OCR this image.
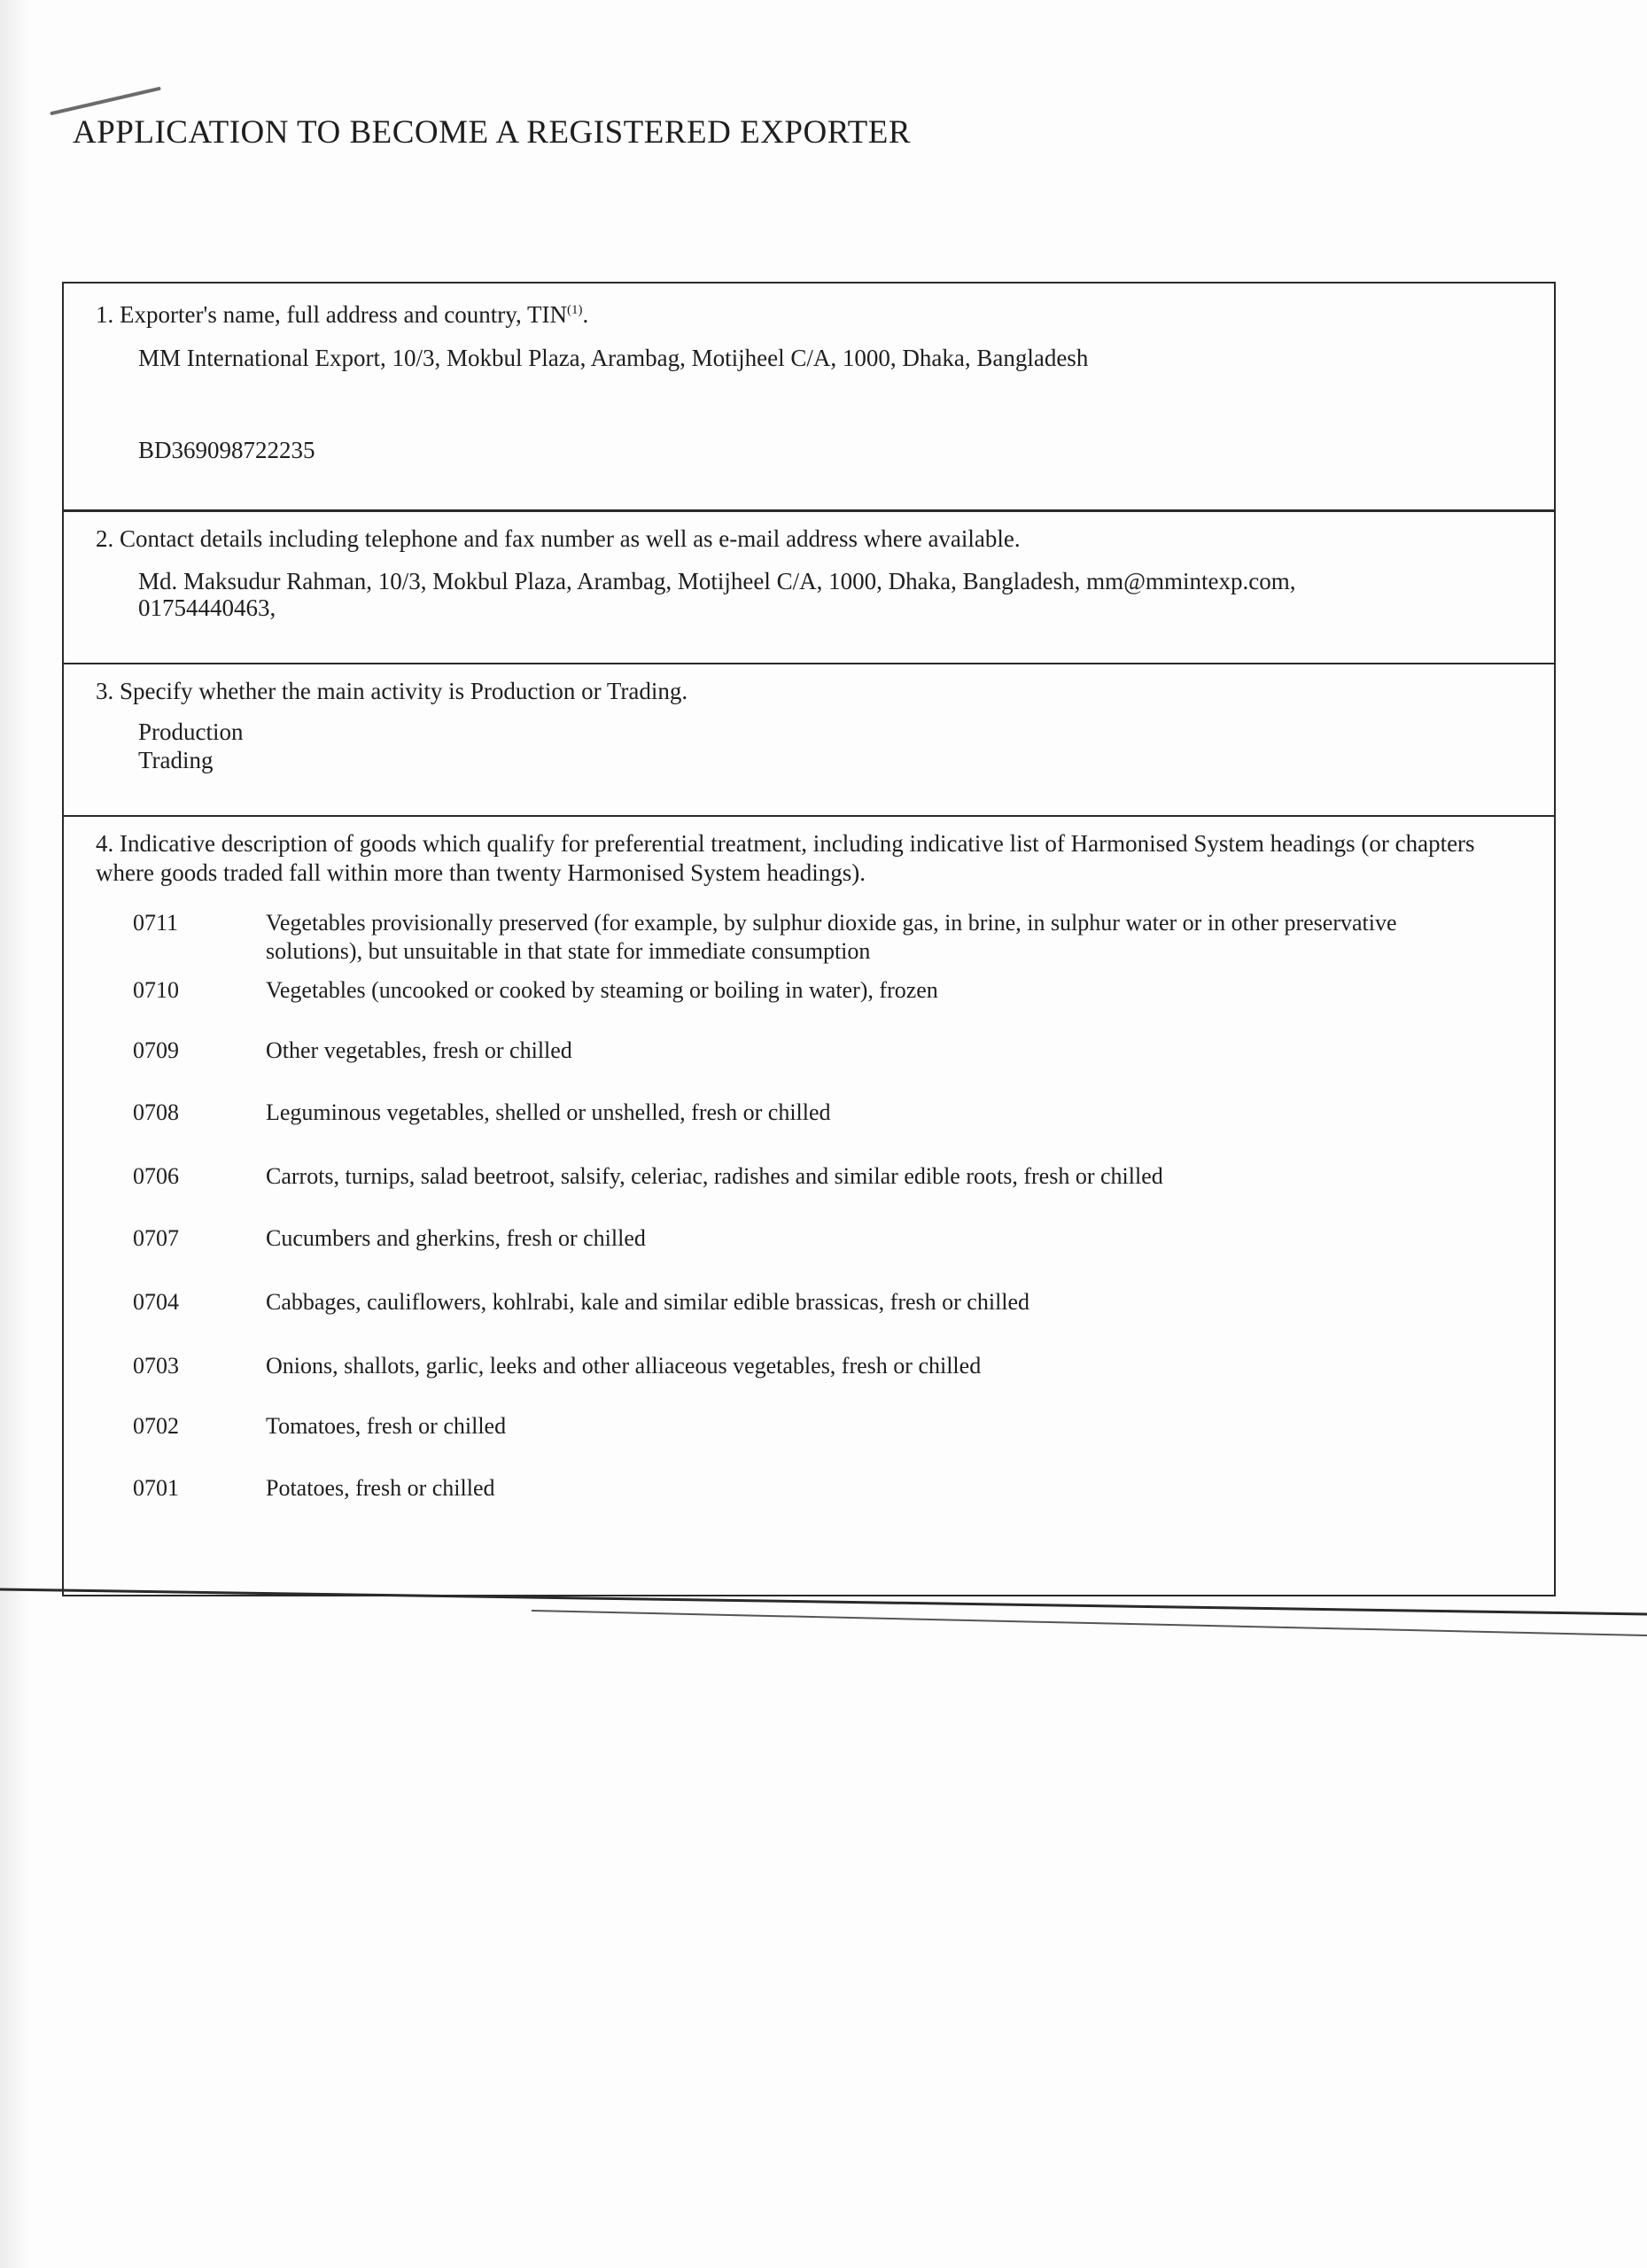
APPLICATION TO BECOME A REGISTERED EXPORTER
1. Exporter's name, full address and country, TIN$^{(1)}$.
MM International Export, 10/3, Mokbul Plaza, Arambag, Motijheel C/A, 1000, Dhaka, Bangladesh
BD369098722235
2. Contact details including telephone and fax number as well as e-mail address where available.
Md. Maksudur Rahman, 10/3, Mokbul Plaza, Arambag, Motijheel C/A, 1000, Dhaka, Bangladesh, mm@mmintexp.com,
01754440463,
3. Specify whether the main activity is Production or Trading.
Production
Trading
4. Indicative description of goods which qualify for preferential treatment, including indicative list of Harmonised System headings (or chapters where goods traded fall within more than twenty Harmonised System headings).
0711	Vegetables provisionally preserved (for example, by sulphur dioxide gas, in brine, in sulphur water or in other preservative solutions), but unsuitable in that state for immediate consumption
0710	Vegetables (uncooked or cooked by steaming or boiling in water), frozen
0709	Other vegetables, fresh or chilled
0708	Leguminous vegetables, shelled or unshelled, fresh or chilled
0706	Carrots, turnips, salad beetroot, salsify, celeriac, radishes and similar edible roots, fresh or chilled
0707	Cucumbers and gherkins, fresh or chilled
0704	Cabbages, cauliflowers, kohlrabi, kale and similar edible brassicas, fresh or chilled
0703	Onions, shallots, garlic, leeks and other alliaceous vegetables, fresh or chilled
0702	Tomatoes, fresh or chilled
0701	Potatoes, fresh or chilled
